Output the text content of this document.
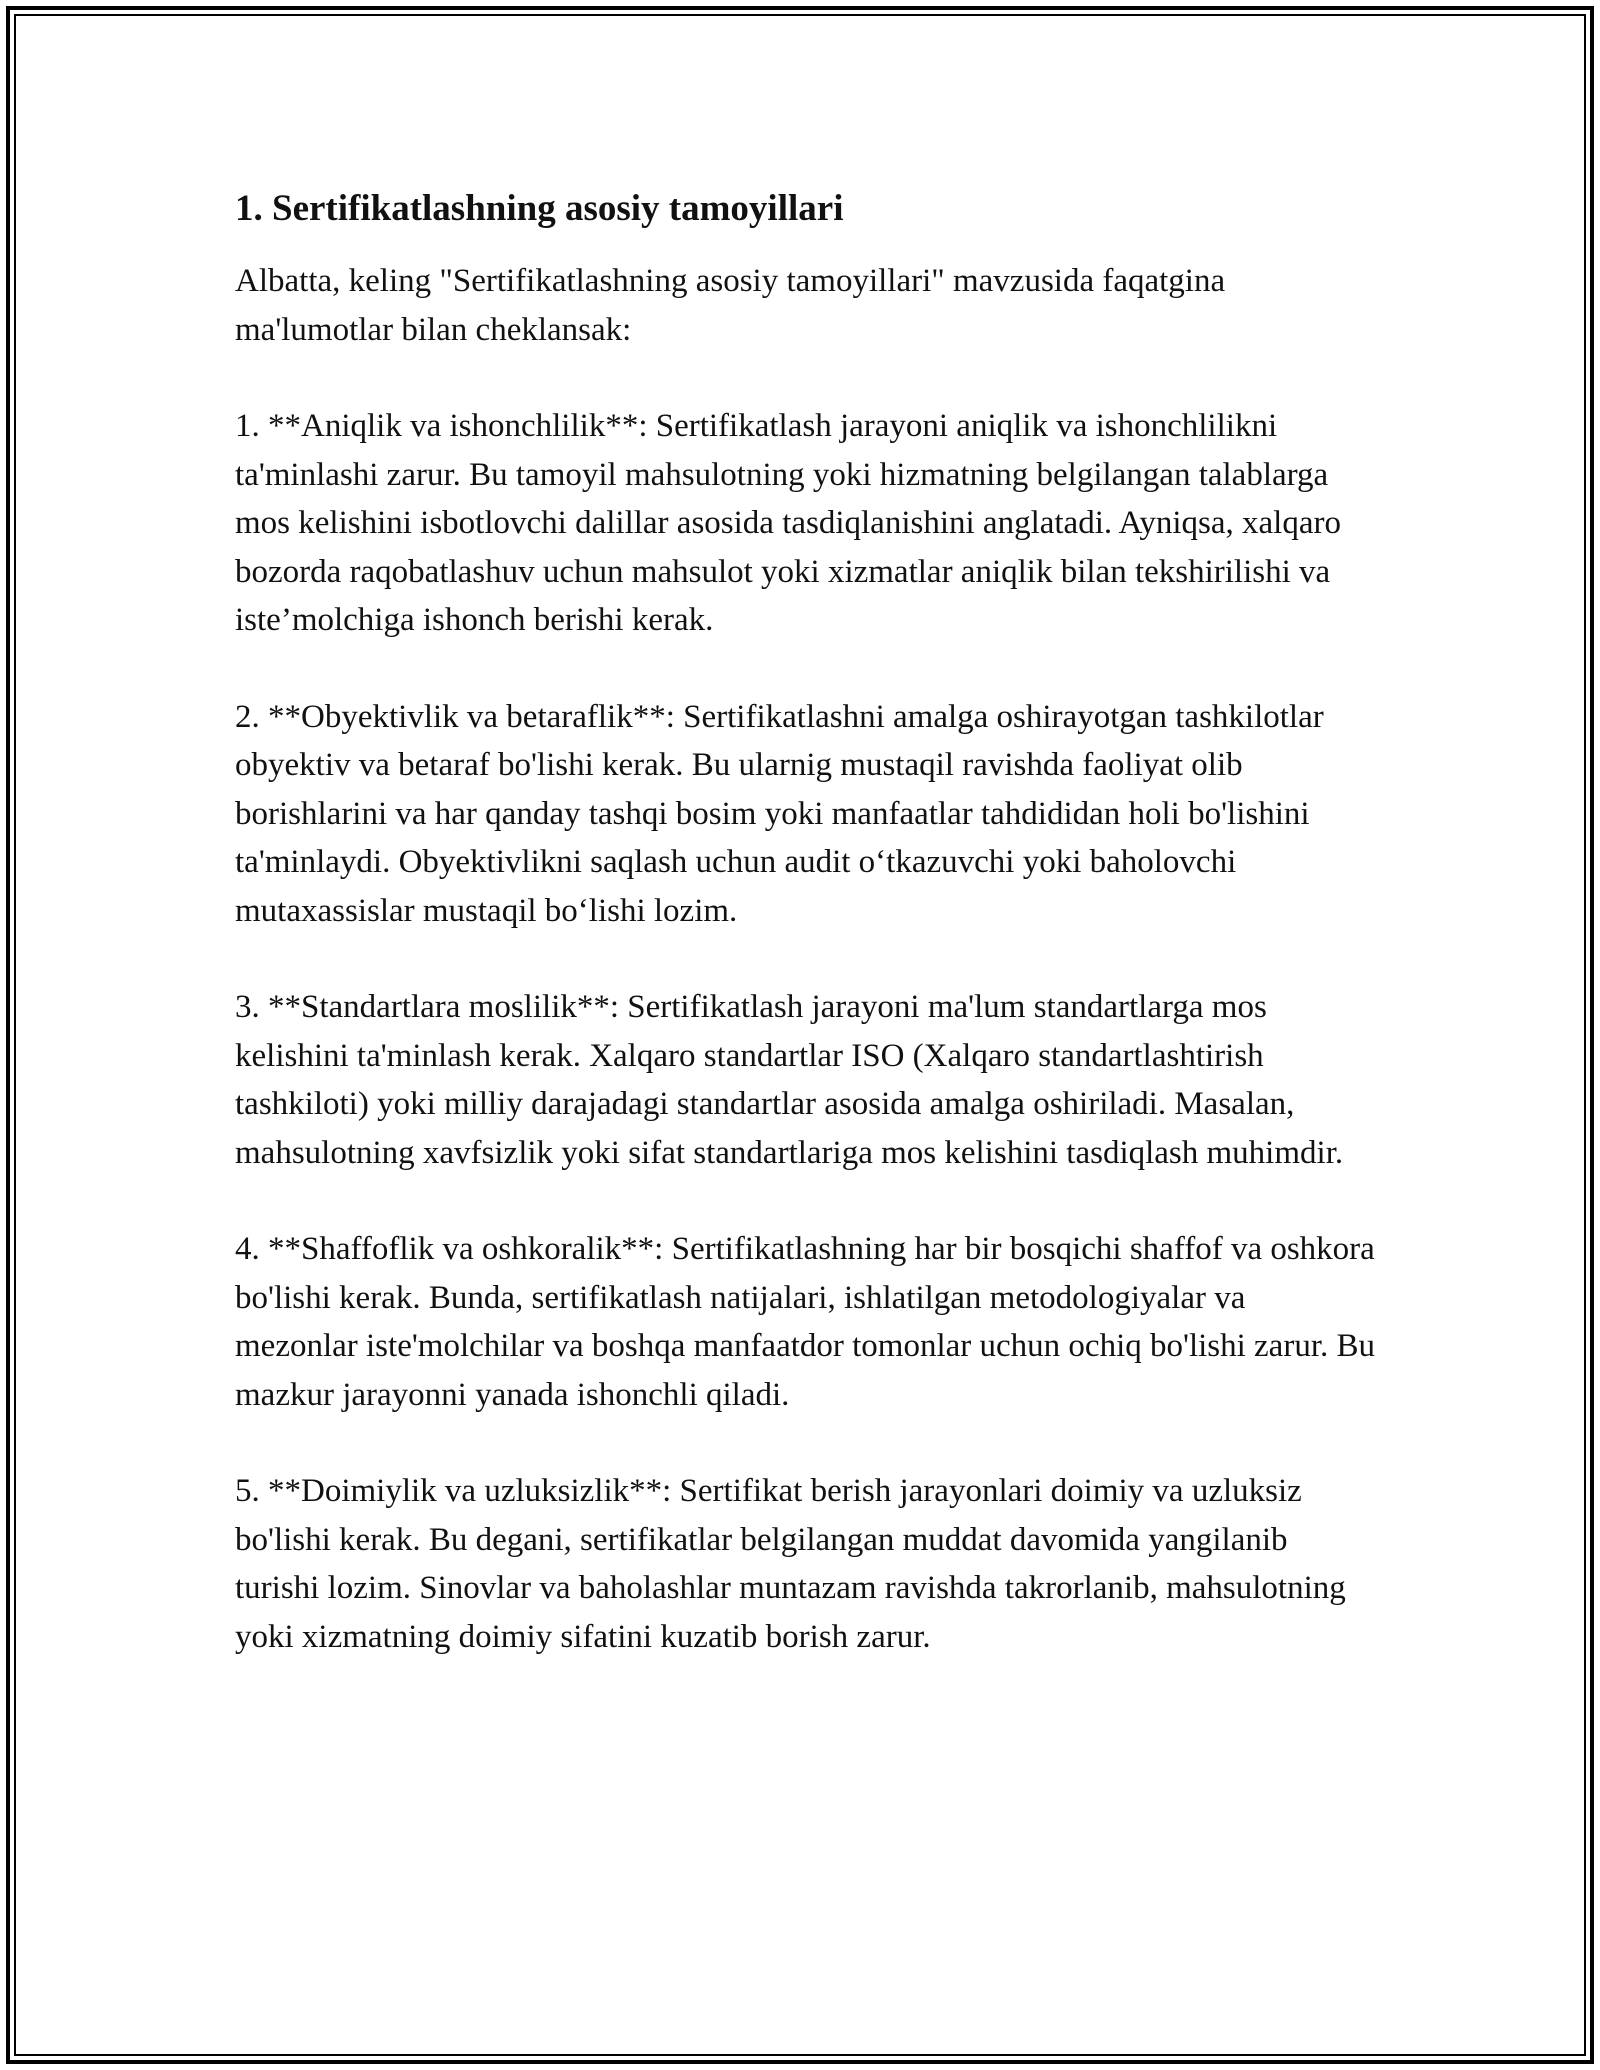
1. Sertifikatlashning asosiy tamoyillari

Albatta, keling "Sertifikatlashning asosiy tamoyillari" mavzusida faqatgina ma'lumotlar bilan cheklansak:

1. **Aniqlik va ishonchlilik**: Sertifikatlash jarayoni aniqlik va ishonchlilikni ta'minlashi zarur. Bu tamoyil mahsulotning yoki hizmatning belgilangan talablarga mos kelishini isbotlovchi dalillar asosida tasdiqlanishini anglatadi. Ayniqsa, xalqaro bozorda raqobatlashuv uchun mahsulot yoki xizmatlar aniqlik bilan tekshirilishi va iste’molchiga ishonch berishi kerak.

2. **Obyektivlik va betaraflik**: Sertifikatlashni amalga oshirayotgan tashkilotlar obyektiv va betaraf bo'lishi kerak. Bu ularnig mustaqil ravishda faoliyat olib borishlarini va har qanday tashqi bosim yoki manfaatlar tahdididan holi bo'lishini ta'minlaydi. Obyektivlikni saqlash uchun audit o‘tkazuvchi yoki baholovchi mutaxassislar mustaqil bo‘lishi lozim.

3. **Standartlara moslilik**: Sertifikatlash jarayoni ma'lum standartlarga mos kelishini ta'minlash kerak. Xalqaro standartlar ISO (Xalqaro standartlashtirish tashkiloti) yoki milliy darajadagi standartlar asosida amalga oshiriladi. Masalan, mahsulotning xavfsizlik yoki sifat standartlariga mos kelishini tasdiqlash muhimdir.

4. **Shaffoflik va oshkoralik**: Sertifikatlashning har bir bosqichi shaffof va oshkora bo'lishi kerak. Bunda, sertifikatlash natijalari, ishlatilgan metodologiyalar va mezonlar iste'molchilar va boshqa manfaatdor tomonlar uchun ochiq bo'lishi zarur. Bu mazkur jarayonni yanada ishonchli qiladi.

5. **Doimiylik va uzluksizlik**: Sertifikat berish jarayonlari doimiy va uzluksiz bo'lishi kerak. Bu degani, sertifikatlar belgilangan muddat davomida yangilanib turishi lozim. Sinovlar va baholashlar muntazam ravishda takrorlanib, mahsulotning yoki xizmatning doimiy sifatini kuzatib borish zarur.
